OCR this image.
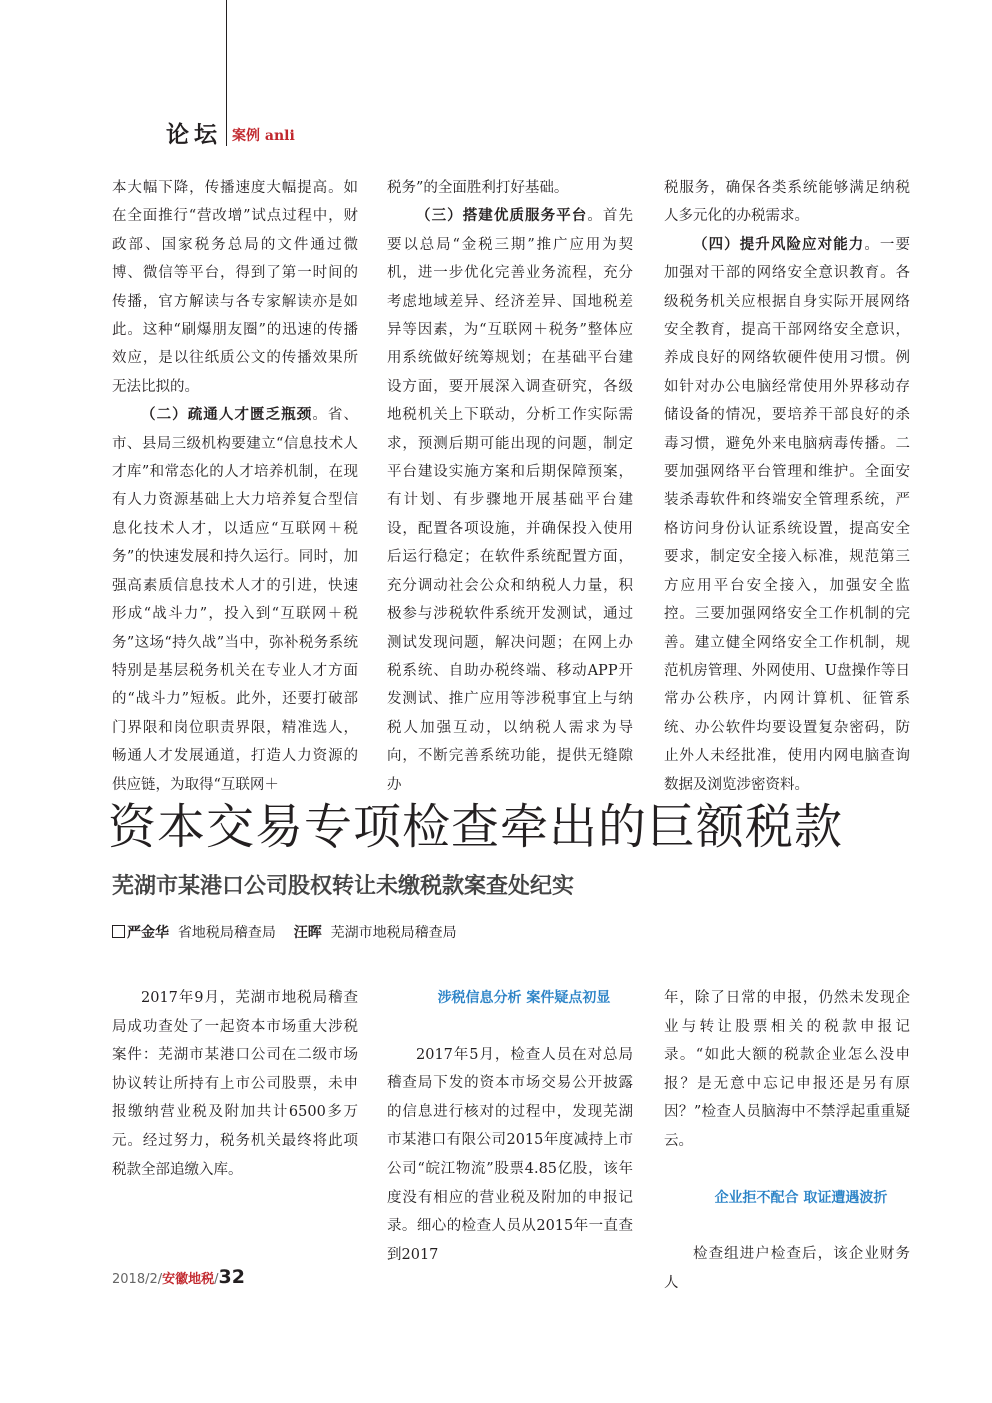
论坛 案例 anli

本大幅下降，传播速度大幅提高。如在全面推行“营改增”试点过程中，财政部、国家税务总局的文件通过微博、微信等平台，得到了第一时间的传播，官方解读与各专家解读亦是如此。这种“刷爆朋友圈”的迅速的传播效应，是以往纸质公文的传播效果所无法比拟的。

（二）疏通人才匮乏瓶颈。省、市、县局三级机构要建立“信息技术人才库”和常态化的人才培养机制，在现有人力资源基础上大力培养复合型信息化技术人才，以适应“互联网＋税务”的快速发展和持久运行。同时，加强高素质信息技术人才的引进，快速形成“战斗力”，投入到“互联网＋税务”这场“持久战”当中，弥补税务系统特别是基层税务机关在专业人才方面的“战斗力”短板。此外，还要打破部门界限和岗位职责界限，精准选人，畅通人才发展通道，打造人力资源的供应链，为取得“互联网＋

税务”的全面胜利打好基础。

（三）搭建优质服务平台。首先要以总局“金税三期”推广应用为契机，进一步优化完善业务流程，充分考虑地域差异、经济差异、国地税差异等因素，为“互联网＋税务”整体应用系统做好统筹规划；在基础平台建设方面，要开展深入调查研究，各级地税机关上下联动，分析工作实际需求，预测后期可能出现的问题，制定平台建设实施方案和后期保障预案，有计划、有步骤地开展基础平台建设，配置各项设施，并确保投入使用后运行稳定；在软件系统配置方面，充分调动社会公众和纳税人力量，积极参与涉税软件系统开发测试，通过测试发现问题，解决问题；在网上办税系统、自助办税终端、移动APP开发测试、推广应用等涉税事宜上与纳税人加强互动，以纳税人需求为导向，不断完善系统功能，提供无缝隙办

税服务，确保各类系统能够满足纳税人多元化的办税需求。

（四）提升风险应对能力。一要加强对干部的网络安全意识教育。各级税务机关应根据自身实际开展网络安全教育，提高干部网络安全意识，养成良好的网络软硬件使用习惯。例如针对办公电脑经常使用外界移动存储设备的情况，要培养干部良好的杀毒习惯，避免外来电脑病毒传播。二要加强网络平台管理和维护。全面安装杀毒软件和终端安全管理系统，严格访问身份认证系统设置，提高安全要求，制定安全接入标准，规范第三方应用平台安全接入，加强安全监控。三要加强网络安全工作机制的完善。建立健全网络安全工作机制，规范机房管理、外网使用、U盘操作等日常办公秩序，内网计算机、征管系统、办公软件均要设置复杂密码，防止外人未经批准，使用内网电脑查询数据及浏览涉密资料。

资本交易专项检查牵出的巨额税款
芜湖市某港口公司股权转让未缴税款案查处纪实
严金华 省地税局稽查局 汪晖 芜湖市地税局稽查局

2017年9月，芜湖市地税局稽查局成功查处了一起资本市场重大涉税案件：芜湖市某港口公司在二级市场协议转让所持有上市公司股票，未申报缴纳营业税及附加共计6500多万元。经过努力，税务机关最终将此项税款全部追缴入库。

涉税信息分析 案件疑点初显

2017年5月，检查人员在对总局稽查局下发的资本市场交易公开披露的信息进行核对的过程中，发现芜湖市某港口有限公司2015年度减持上市公司“皖江物流”股票4.85亿股，该年度没有相应的营业税及附加的申报记录。细心的检查人员从2015年一直查到2017

年，除了日常的申报，仍然未发现企业与转让股票相关的税款申报记录。“如此大额的税款企业怎么没申报？是无意中忘记申报还是另有原因？”检查人员脑海中不禁浮起重重疑云。

企业拒不配合 取证遭遇波折

检查组进户检查后，该企业财务人

2018/2/安徽地税/32
